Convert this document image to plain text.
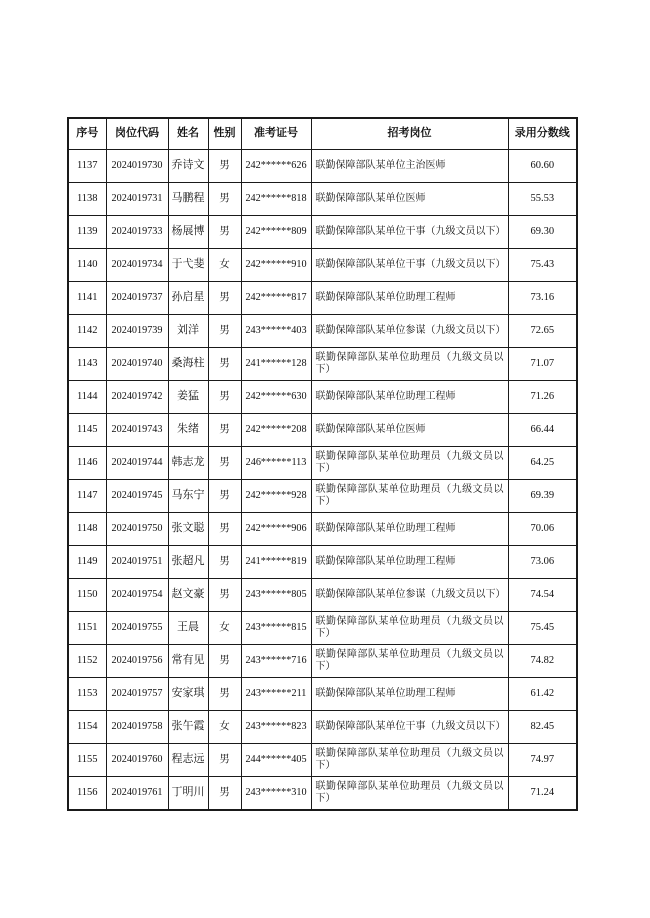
序号	岗位代码	姓名	性别	准考证号	招考岗位	录用分数线
1137	2024019730	乔诗文	男	242******626	联勤保障部队某单位主治医师	60.60
1138	2024019731	马鹏程	男	242******818	联勤保障部队某单位医师	55.53
1139	2024019733	杨展博	男	242******809	联勤保障部队某单位干事（九级文员以下）	69.30
1140	2024019734	于弋斐	女	242******910	联勤保障部队某单位干事（九级文员以下）	75.43
1141	2024019737	孙启星	男	242******817	联勤保障部队某单位助理工程师	73.16
1142	2024019739	刘洋	男	243******403	联勤保障部队某单位参谋（九级文员以下）	72.65
1143	2024019740	桑海柱	男	241******128	联勤保障部队某单位助理员（九级文员以下）	71.07
1144	2024019742	姜猛	男	242******630	联勤保障部队某单位助理工程师	71.26
1145	2024019743	朱绪	男	242******208	联勤保障部队某单位医师	66.44
1146	2024019744	韩志龙	男	246******113	联勤保障部队某单位助理员（九级文员以下）	64.25
1147	2024019745	马东宁	男	242******928	联勤保障部队某单位助理员（九级文员以下）	69.39
1148	2024019750	张文聪	男	242******906	联勤保障部队某单位助理工程师	70.06
1149	2024019751	张超凡	男	241******819	联勤保障部队某单位助理工程师	73.06
1150	2024019754	赵文豪	男	243******805	联勤保障部队某单位参谋（九级文员以下）	74.54
1151	2024019755	王晨	女	243******815	联勤保障部队某单位助理员（九级文员以下）	75.45
1152	2024019756	常有见	男	243******716	联勤保障部队某单位助理员（九级文员以下）	74.82
1153	2024019757	安家琪	男	243******211	联勤保障部队某单位助理工程师	61.42
1154	2024019758	张午霞	女	243******823	联勤保障部队某单位干事（九级文员以下）	82.45
1155	2024019760	程志远	男	244******405	联勤保障部队某单位助理员（九级文员以下）	74.97
1156	2024019761	丁明川	男	243******310	联勤保障部队某单位助理员（九级文员以下）	71.24
